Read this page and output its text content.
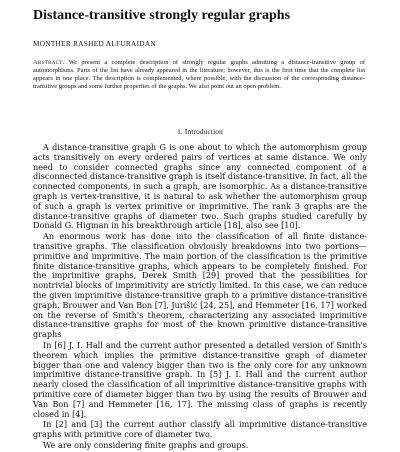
Distance-transitive strongly regular graphs
MONTHER RASHED ALFURAIDAN
Abstract. We present a complete description of strongly regular graphs admitting a distance-transitive group of automorphisms. Parts of the list have already appeared in the literature; however, this is the first time that the complete list appears in one place. The description is complemented, where possible, with the discussion of the corresponding distance-transitive groups and some further properties of the graphs. We also point out an open problem.
1. Introduction

A distance-transitive graph G is one about to which the automorphism group acts transitively on every ordered pairs of vertices at same distance. We only need to consider connected graphs since any connected component of a disconnected distance-transitive graph is itself distance-transitive. In fact, all the connected components, in such a graph, are isomorphic. As a distance-transitive graph is vertex-transitive, it is natural to ask whether the automorphism group of such a graph is vertex primitive or imprimitive. The rank 3 graphs are the distance-transitive graphs of diameter two. Such graphs studied carefully by Donald G. Higman in his breakthrough article [18], also see [10].

An enormous work has done into the classification of all finite distance-transitive graphs. The classification obviously breakdowns into two portions—primitive and imprimitive. The main portion of the classification is the primitive finite distance-transitive graphs, which appears to be completely finished. For the imprimitive graphs, Derek Smith [29] proved that the possibilities for nontrivial blocks of imprimitivity are strictly limited. In this case, we can reduce the given imprimitive distance-transitive graph to a primitive distance-transitive graph. Brouwer and Van Bon [7], Jurišić [24, 25], and Hemmeter [16, 17] worked on the reverse of Smith's theorem, characterizing any associated imprimitive distance-transitive graphs for most of the known primitive distance-transitive graphs

In [6] J. I. Hall and the current author presented a detailed version of Smith's theorem which implies the primitive distance-transitive graph of diameter bigger than one and valency bigger than two is the only core for any unknown imprimitive distance-transitive graph. In [5] J. I. Hall and the current author nearly closed the classification of all imprimitive distance-transitive graphs with primitive core of diameter bigger than two by using the results of Brouwer and Van Bon [7] and Hemmeter [16, 17]. The missing class of graphs is recently closed in [4].

In [2] and [3] the current author classify all imprimitive distance-transitive graphs with primitive core of diameter two.

We are only considering finite graphs and groups.
